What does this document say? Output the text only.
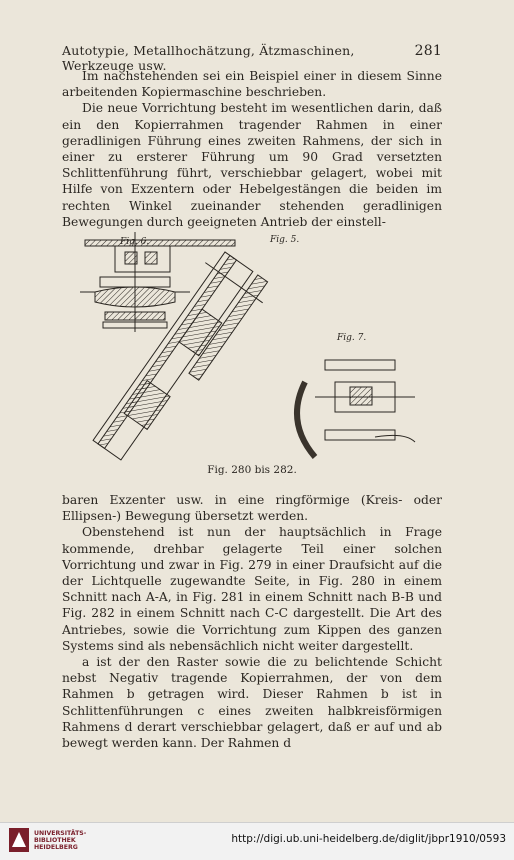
Autotypie, Metallhochätzung, Ätzmaschinen, Werkzeuge usw.
281

Im nachstehenden sei ein Beispiel einer in diesem Sinne arbeitenden Kopiermaschine beschrieben.

Die neue Vorrichtung besteht im wesentlichen darin, daß ein den Kopierrahmen tragender Rahmen in einer geradlinigen Führung eines zweiten Rahmens, der sich in einer zu ersterer Führung um 90 Grad versetzten Schlittenführung führt, verschiebbar gelagert, wobei mit Hilfe von Exzentern oder Hebelgestängen die beiden im rechten Winkel zueinander stehenden geradlinigen Bewegungen durch geeigneten Antrieb der einstell-

Fig. 6.	Fig. 5.
Fig. 7.
Fig. 280 bis 282.

baren Exzenter usw. in eine ringförmige (Kreis- oder Ellipsen-) Bewegung übersetzt werden.

Obenstehend ist nun der hauptsächlich in Frage kommende, drehbar gelagerte Teil einer solchen Vorrichtung und zwar in Fig. 279 in einer Draufsicht auf die der Lichtquelle zugewandte Seite, in Fig. 280 in einem Schnitt nach A-A, in Fig. 281 in einem Schnitt nach B-B und Fig. 282 in einem Schnitt nach C-C dargestellt. Die Art des Antriebes, sowie die Vorrichtung zum Kippen des ganzen Systems sind als nebensächlich nicht weiter dargestellt.

a ist der den Raster sowie die zu belichtende Schicht nebst Negativ tragende Kopierrahmen, der von dem Rahmen b getragen wird. Dieser Rahmen b ist in Schlittenführungen c eines zweiten halbkreisförmigen Rahmens d derart verschiebbar gelagert, daß er auf und ab bewegt werden kann. Der Rahmen d

UNIVERSITÄTS-
BIBLIOTHEK
HEIDELBERG
http://digi.ub.uni-heidelberg.de/diglit/jbpr1910/0593
